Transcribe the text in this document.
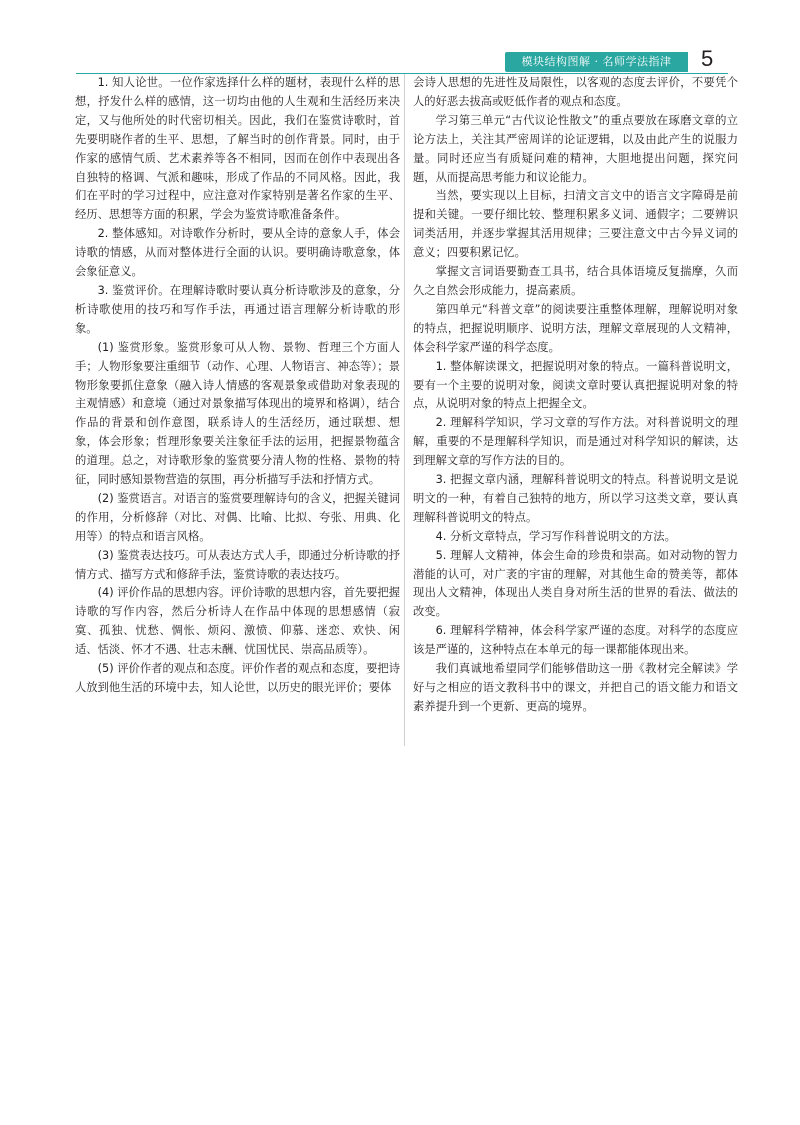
模块结构图解 · 名师学法指津	5

1. 知人论世。一位作家选择什么样的题材，表现什么样的思想，抒发什么样的感情，这一切均由他的人生观和生活经历来决定，又与他所处的时代密切相关。因此，我们在鉴赏诗歌时，首先要明晓作者的生平、思想，了解当时的创作背景。同时，由于作家的感情气质、艺术素养等各不相同，因而在创作中表现出各自独特的格调、气派和趣味，形成了作品的不同风格。因此，我们在平时的学习过程中，应注意对作家特别是著名作家的生平、经历、思想等方面的积累，学会为鉴赏诗歌准备条件。

2. 整体感知。对诗歌作分析时，要从全诗的意象人手，体会诗歌的情感，从而对整体进行全面的认识。要明确诗歌意象，体会象征意义。

3. 鉴赏评价。在理解诗歌时要认真分析诗歌涉及的意象，分析诗歌使用的技巧和写作手法，再通过语言理解分析诗歌的形象。

(1) 鉴赏形象。鉴赏形象可从人物、景物、哲理三个方面人手；人物形象要注重细节（动作、心理、人物语言、神态等）；景物形象要抓住意象（融入诗人情感的客观景象或借助对象表现的主观情感）和意境（通过对景象描写体现出的境界和格调），结合作品的背景和创作意图，联系诗人的生活经历，通过联想、想象，体会形象；哲理形象要关注象征手法的运用，把握景物蕴含的道理。总之，对诗歌形象的鉴赏要分清人物的性格、景物的特征，同时感知景物营造的氛围，再分析描写手法和抒情方式。

(2) 鉴赏语言。对语言的鉴赏要理解诗句的含义，把握关键词的作用，分析修辞（对比、对偶、比喻、比拟、夸张、用典、化用等）的特点和语言风格。

(3) 鉴赏表达技巧。可从表达方式人手，即通过分析诗歌的抒情方式、描写方式和修辞手法，鉴赏诗歌的表达技巧。

(4) 评价作品的思想内容。评价诗歌的思想内容，首先要把握诗歌的写作内容，然后分析诗人在作品中体现的思想感情（寂寞、孤独、忧愁、惆怅、烦闷、激愤、仰慕、迷恋、欢快、闲适、恬淡、怀才不遇、壮志未酬、忧国忧民、崇高品质等）。

(5) 评价作者的观点和态度。评价作者的观点和态度，要把诗人放到他生活的环境中去，知人论世，以历史的眼光评价；要体

会诗人思想的先进性及局限性，以客观的态度去评价，不要凭个人的好恶去拔高或贬低作者的观点和态度。

学习第三单元“古代议论性散文”的重点要放在琢磨文章的立论方法上，关注其严密周详的论证逻辑，以及由此产生的说服力量。同时还应当有质疑问难的精神，大胆地提出问题，探究问题，从而提高思考能力和议论能力。

当然，要实现以上目标，扫清文言文中的语言文字障碍是前提和关键。一要仔细比较、整理积累多义词、通假字；二要辨识词类活用，并逐步掌握其活用规律；三要注意文中古今异义词的意义；四要积累记忆。

掌握文言词语要勤查工具书，结合具体语境反复揣摩，久而久之自然会形成能力，提高素质。

第四单元“科普文章”的阅读要注重整体理解，理解说明对象的特点，把握说明顺序、说明方法，理解文章展现的人文精神，体会科学家严谨的科学态度。

1. 整体解读课文，把握说明对象的特点。一篇科普说明文，要有一个主要的说明对象，阅读文章时要认真把握说明对象的特点，从说明对象的特点上把握全文。

2. 理解科学知识，学习文章的写作方法。对科普说明文的理解，重要的不是理解科学知识，而是通过对科学知识的解读，达到理解文章的写作方法的目的。

3. 把握文章内涵，理解科普说明文的特点。科普说明文是说明文的一种，有着自己独特的地方，所以学习这类文章，要认真理解科普说明文的特点。

4. 分析文章特点，学习写作科普说明文的方法。

5. 理解人文精神，体会生命的珍贵和崇高。如对动物的智力潜能的认可，对广袤的宇宙的理解，对其他生命的赞美等，都体现出人文精神，体现出人类自身对所生活的世界的看法、做法的改变。

6. 理解科学精神，体会科学家严谨的态度。对科学的态度应该是严谨的，这种特点在本单元的每一课都能体现出来。

我们真诚地希望同学们能够借助这一册《教材完全解读》学好与之相应的语文教科书中的课文，并把自己的语文能力和语文素养提升到一个更新、更高的境界。
